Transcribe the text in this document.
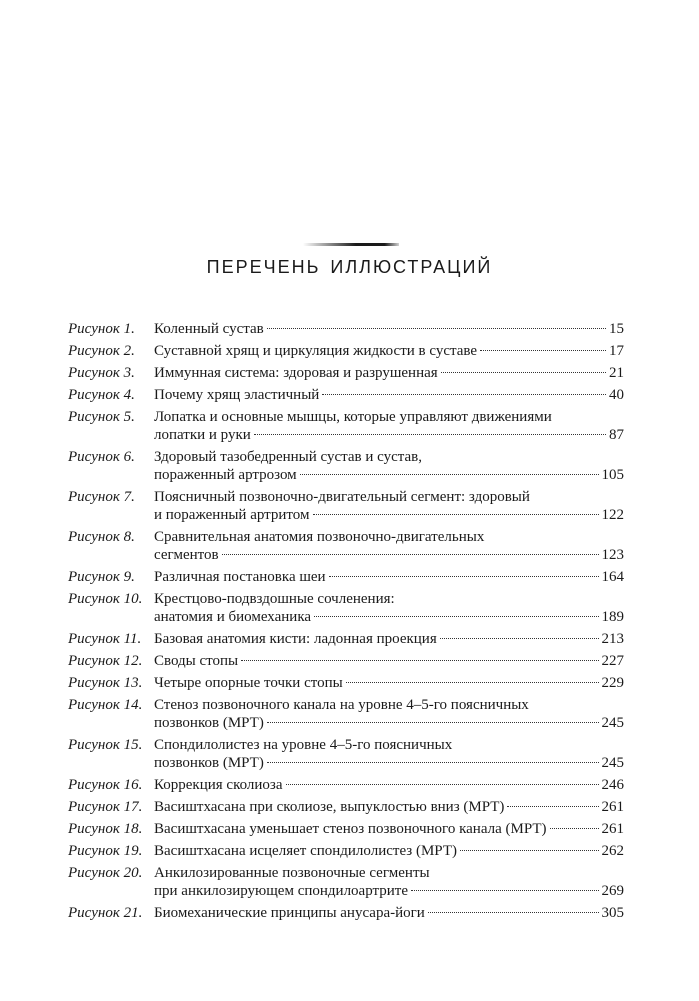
ПЕРЕЧЕНЬ ИЛЛЮСТРАЦИЙ
Рисунок 1.	Коленный сустав	15
Рисунок 2.	Суставной хрящ и циркуляция жидкости в суставе	17
Рисунок 3.	Иммунная система: здоровая и разрушенная	21
Рисунок 4.	Почему хрящ эластичный	40
Рисунок 5.	Лопатка и основные мышцы, которые управляют движениями
лопатки и руки	87
Рисунок 6.	Здоровый тазобедренный сустав и сустав,
пораженный артрозом	105
Рисунок 7.	Поясничный позвоночно-двигательный сегмент: здоровый
и пораженный артритом	122
Рисунок 8.	Сравнительная анатомия позвоночно-двигательных
сегментов	123
Рисунок 9.	Различная постановка шеи	164
Рисунок 10. Крестцово-подвздошные сочленения:
анатомия и биомеханика	189
Рисунок 11. Базовая анатомия кисти: ладонная проекция	213
Рисунок 12. Своды стопы	227
Рисунок 13. Четыре опорные точки стопы	229
Рисунок 14. Стеноз позвоночного канала на уровне 4–5-го поясничных
позвонков (МРТ)	245
Рисунок 15. Спондилолистез на уровне 4–5-го поясничных
позвонков (МРТ)	245
Рисунок 16. Коррекция сколиоза	246
Рисунок 17. Васиштхасана при сколиозе, выпуклостью вниз (МРТ)	261
Рисунок 18. Васиштхасана уменьшает стеноз позвоночного канала (МРТ)	261
Рисунок 19. Васиштхасана исцеляет спондилолистез (МРТ)	262
Рисунок 20. Анкилозированные позвоночные сегменты
при анкилозирующем спондилоартрите	269
Рисунок 21. Биомеханические принципы анусара-йоги	305
